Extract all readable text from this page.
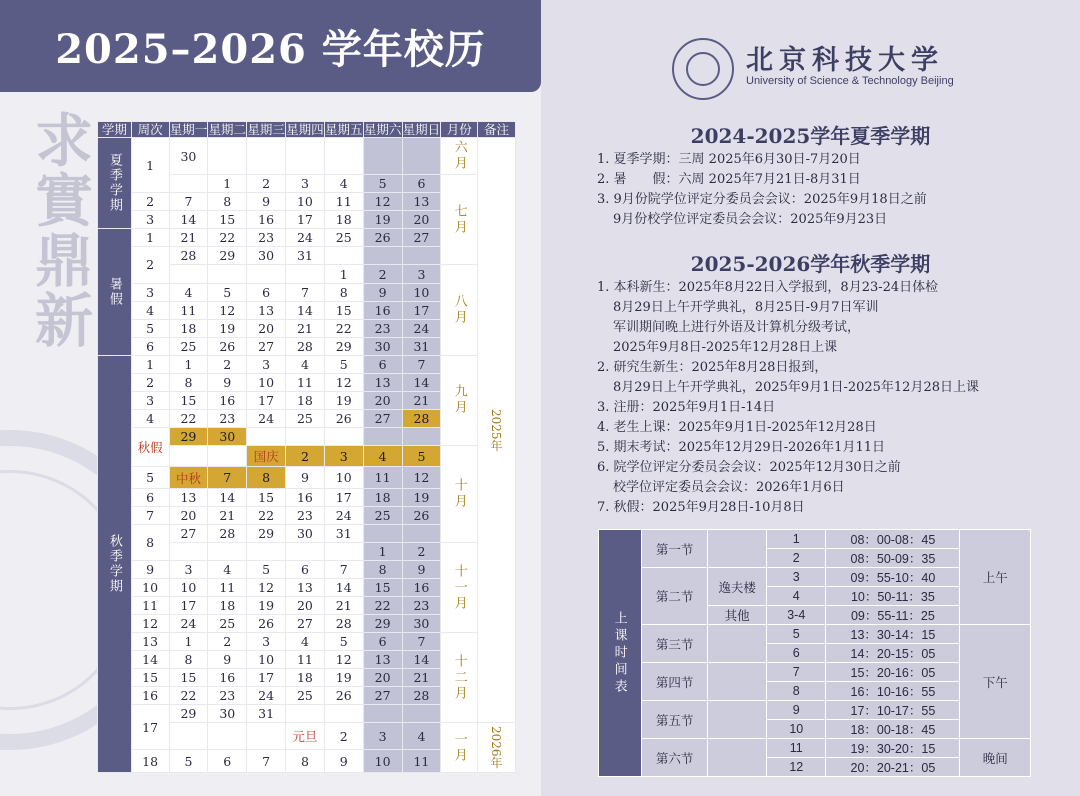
2025–2026 学年校历
求實鼎新 学期	周次	星期一	星期二	星期三	星期四	星期五	星期六	星期日	月份	备注

夏季学期	1	30							六月	2025年

			1	2	3	4	5	6	七月	

	2	7	8	9	10	11	12	13		
	3	14	15	16	17	18	19	20		

暑假	1	21	22	23	24	25	26	27		
	2	28	29	30	31					
						1	2	3	八月	

	3	4	5	6	7	8	9	10		
	4	11	12	13	14	15	16	17		
	5	18	19	20	21	22	23	24		
	6	25	26	27	28	29	30	31		

秋季学期	1	1	2	3	4	5	6	7	九月	

	2	8	9	10	11	12	13	14		
	3	15	16	17	18	19	20	21		
	4	22	23	24	25	26	27	28		
	秋假	29	30							
				国庆	2	3	4	5	十月	

	5	中秋	7	8	9	10	11	12		
	6	13	14	15	16	17	18	19		
	7	20	21	22	23	24	25	26		
	8	27	28	29	30	31				
							1	2	十一月	

	9	3	4	5	6	7	8	9		
	10	10	11	12	13	14	15	16		
	11	17	18	19	20	21	22	23		
	12	24	25	26	27	28	29	30		
	13	1	2	3	4	5	6	7	十二月	

	14	8	9	10	11	12	13	14		
	15	15	16	17	18	19	20	21		
	16	22	23	24	25	26	27	28		
	17	29	30	31						
					元旦	2	3	4	一月	2026年

	18	5	6	7	8	9	10	11		
北京科技大学
University of Science & Technology Beijing
2024-2025学年夏季学期
1. 夏季学期：三周 2025年6月30日-7月20日
2. 暑　　假：六周 2025年7月21日-8月31日
3. 9月份院学位评定分委员会会议：2025年9月18日之前
9月份校学位评定委员会会议：2025年9月23日
2025-2026学年秋季学期
1. 本科新生：2025年8月22日入学报到，8月23-24日体检
8月29日上午开学典礼，8月25日-9月7日军训
军训期间晚上进行外语及计算机分级考试，
2025年9月8日-2025年12月28日上课
2. 研究生新生：2025年8月28日报到，
8月29日上午开学典礼，2025年9月1日-2025年12月28日上课
3. 注册：2025年9月1日-14日
4. 老生上课：2025年9月1日-2025年12月28日
5. 期末考试：2025年12月29日-2026年1月11日
6. 院学位评定分委员会会议：2025年12月30日之前
校学位评定委员会会议：2026年1月6日
7. 秋假：2025年9月28日-10月8日
上课时间表	第一节		1	08：00-08：45	上午
			2	08：50-09：35	
	第二节	逸夫楼	3	09：55-10：40	
			4	10：50-11：35	
		其他	3-4	09：55-11：25	
	第三节		5	13：30-14：15	下午
			6	14：20-15：05	
	第四节		7	15：20-16：05	
			8	16：10-16：55	
	第五节		9	17：10-17：55	
			10	18：00-18：45	
	第六节		11	19：30-20：15	晚间
			12	20：20-21：05	
